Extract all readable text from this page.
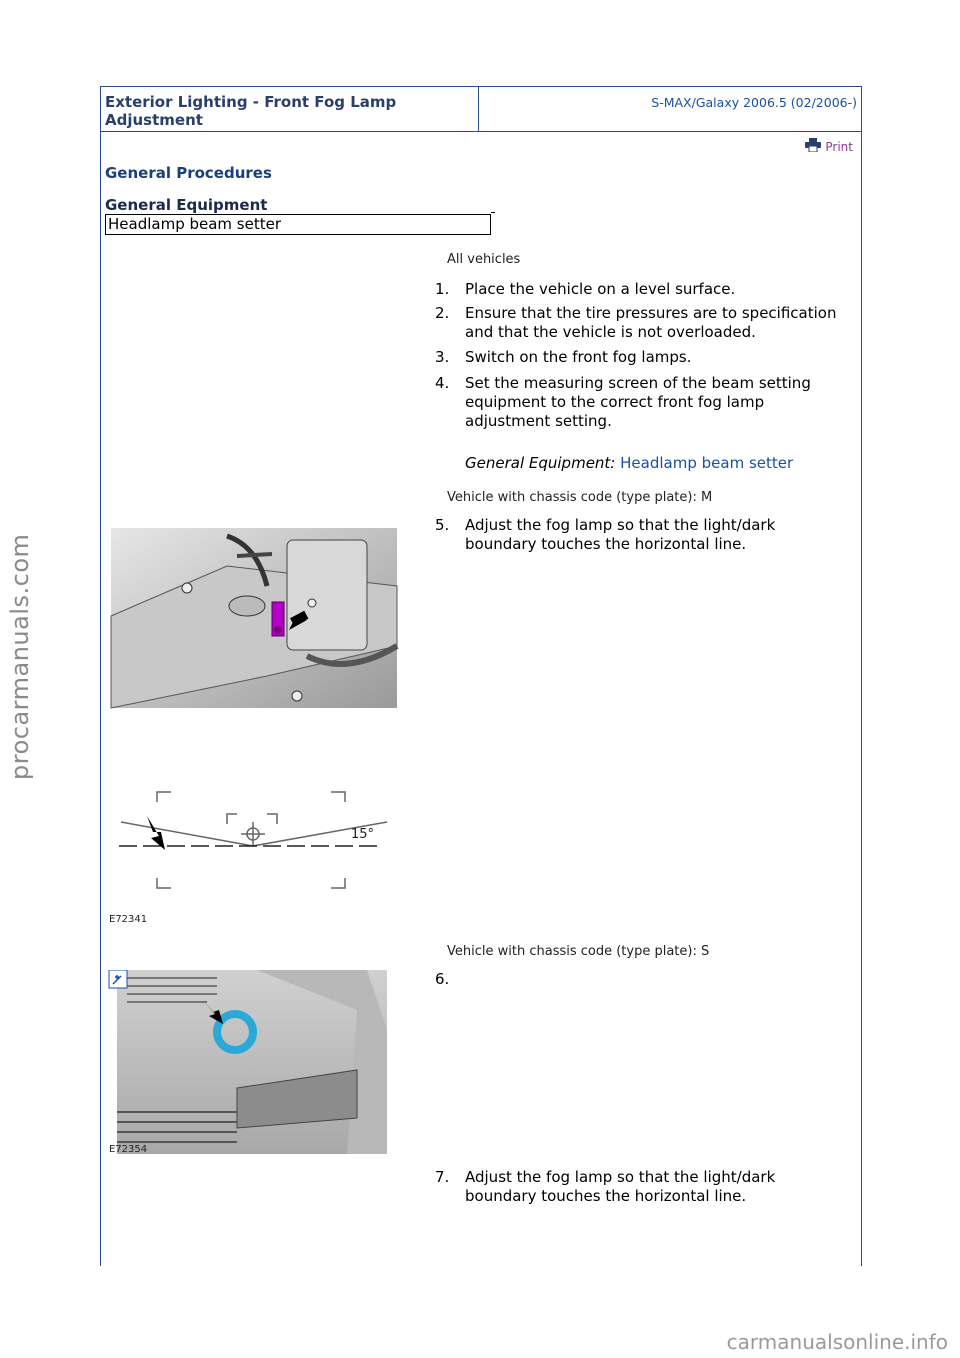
Exterior Lighting - Front Fog Lamp
Adjustment
S-MAX/Galaxy 2006.5 (02/2006-)
Print
General Procedures
General Equipment
Headlamp beam setter
All vehicles
1.	Place the vehicle on a level surface.
2.	Ensure that the tire pressures are to specification
and that the vehicle is not overloaded.
3.	Switch on the front fog lamps.
4.	Set the measuring screen of the beam setting
equipment to the correct front fog lamp
adjustment setting.
5.	Adjust the fog lamp so that the light/dark
boundary touches the horizontal line.
6.
7.	Adjust the fog lamp so that the light/dark
boundary touches the horizontal line.
General Equipment: Headlamp beam setter
Vehicle with chassis code (type plate): M
Vehicle with chassis code (type plate): S
15°
E72341
E72354
procarmanuals.com
carmanualsonline.info
